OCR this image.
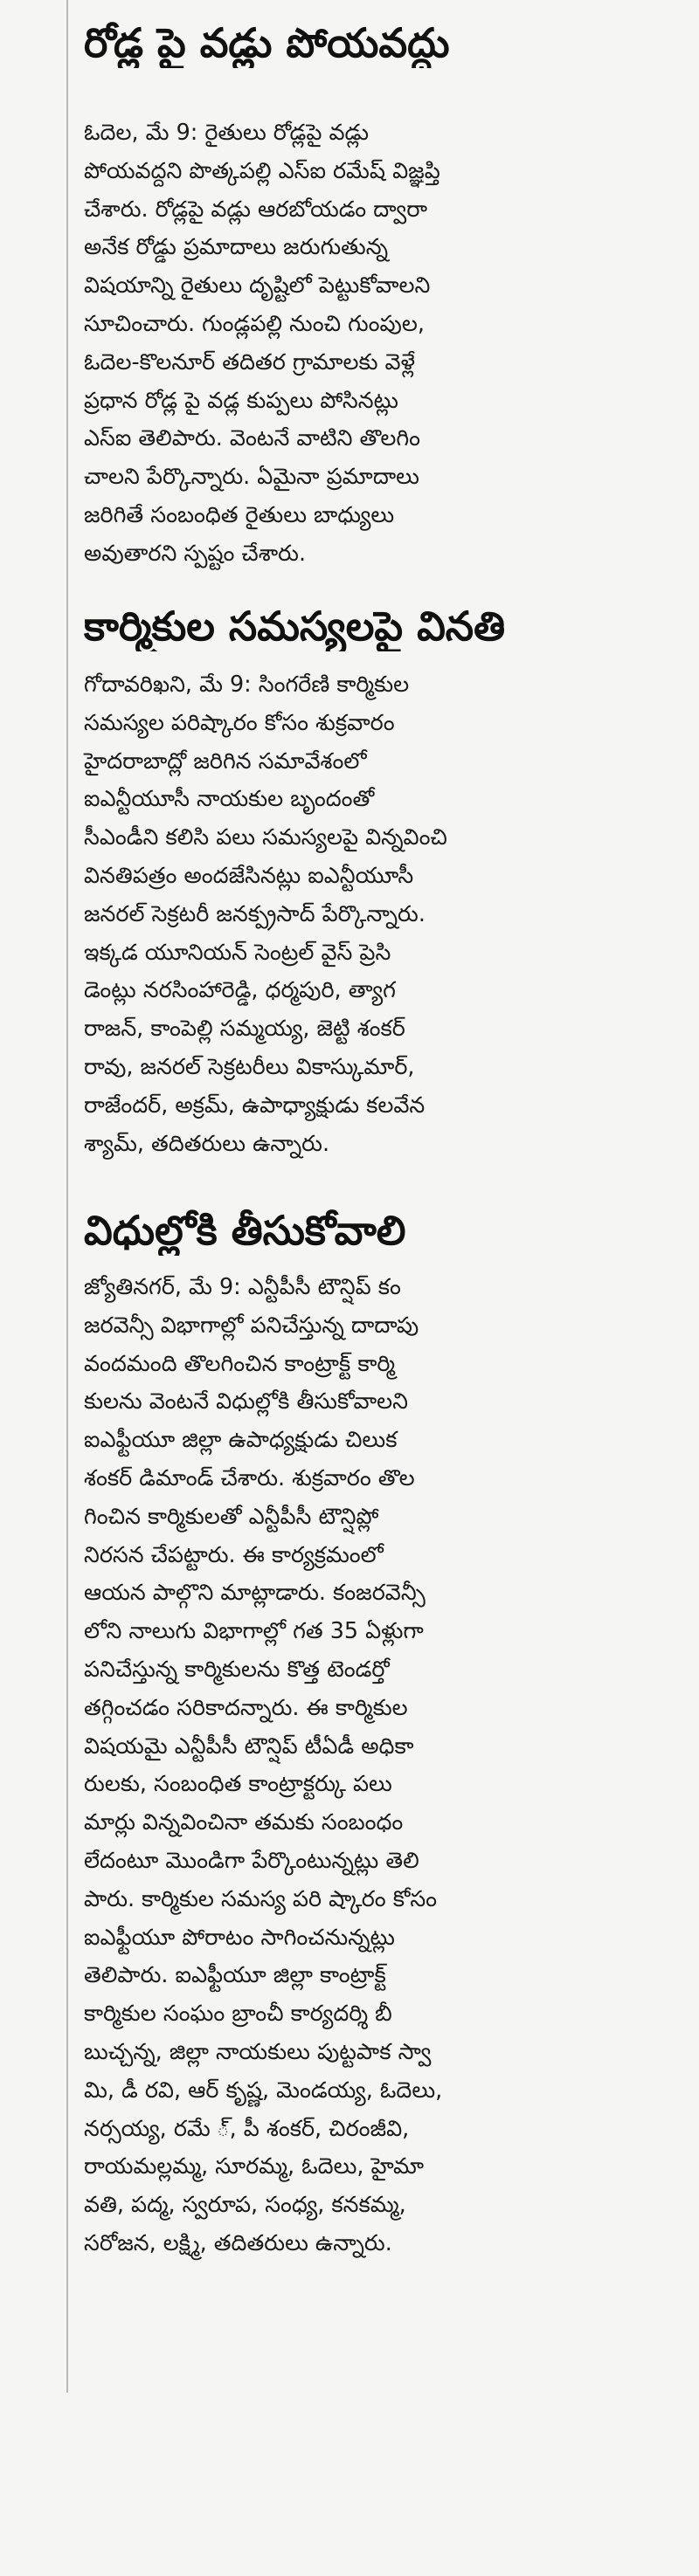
రోడ్ల పై వడ్లు పోయవద్దు
ఓదెల, మే 9: రైతులు రోడ్లపై వడ్లు
పోయవద్దని పొత్కపల్లి ఎస్ఐ రమేష్ విజ్ఞప్తి
చేశారు. రోడ్లపై వడ్లు ఆరబోయడం ద్వారా
అనేక రోడ్డు ప్రమాదాలు జరుగుతున్న
విషయాన్ని రైతులు దృష్టిలో పెట్టుకోవాలని
సూచించారు. గుండ్లపల్లి నుంచి గుంపుల,
ఓదెల-కొలనూర్ తదితర గ్రామాలకు వెళ్లే
ప్రధాన రోడ్ల పై వడ్ల కుప్పలు పోసినట్లు
ఎస్ఐ తెలిపారు. వెంటనే వాటిని తొలగిం
చాలని పేర్కొన్నారు. ఏమైనా ప్రమాదాలు
జరిగితే సంబంధిత రైతులు బాధ్యులు
అవుతారని స్పష్టం చేశారు.
కార్మికుల సమస్యలపై వినతి
గోదావరిఖని, మే 9: సింగరేణి కార్మికుల
సమస్యల పరిష్కారం కోసం శుక్రవారం
హైదరాబాద్లో జరిగిన సమావేశంలో
ఐఎన్టీయూసీ నాయకుల బృందంతో
సీఎండీని కలిసి పలు సమస్యలపై విన్నవించి
వినతిపత్రం అందజేసినట్లు ఐఎన్టీయూసీ
జనరల్ సెక్రటరీ జనక్ప్రసాద్ పేర్కొన్నారు.
ఇక్కడ యూనియన్ సెంట్రల్ వైస్ ప్రెసి
డెంట్లు నరసింహారెడ్డి, ధర్మపురి, త్యాగ
రాజన్, కాంపెల్లి సమ్మయ్య, జెట్టి శంకర్
రావు, జనరల్ సెక్రటరీలు వికాస్కుమార్,
రాజేందర్, అక్రమ్, ఉపాధ్యాక్షుడు కలవేన
శ్యామ్, తదితరులు ఉన్నారు.
విధుల్లోకి తీసుకోవాలి
జ్యోతినగర్, మే 9: ఎన్టీపీసీ టౌన్షిప్ కం
జరవెన్సీ విభాగాల్లో పనిచేస్తున్న దాదాపు
వందమంది తొలగించిన కాంట్రాక్ట్ కార్మి
కులను వెంటనే విధుల్లోకి తీసుకోవాలని
ఐఎఫ్టీయూ జిల్లా ఉపాధ్యక్షుడు చిలుక
శంకర్ డిమాండ్ చేశారు. శుక్రవారం తొల
గించిన కార్మికులతో ఎన్టీపీసీ టౌన్షిప్లో
నిరసన చేపట్టారు. ఈ కార్యక్రమంలో
ఆయన పాల్గొని మాట్లాడారు. కంజరవెన్సీ
లోని నాలుగు విభాగాల్లో గత 35 ఏళ్లుగా
పనిచేస్తున్న కార్మికులను కొత్త టెండర్తో
తగ్గించడం సరికాదన్నారు. ఈ కార్మికుల
విషయమై ఎన్టీపీసీ టౌన్షిప్ టీఏడీ అధికా
రులకు, సంబంధిత కాంట్రాక్టర్కు పలు
మార్లు విన్నవించినా తమకు సంబంధం
లేదంటూ మొండిగా పేర్కొంటున్నట్లు తెలి
పారు. కార్మికుల సమస్య పరి ష్కారం కోసం
ఐఎఫ్టీయూ పోరాటం సాగించనున్నట్లు
తెలిపారు. ఐఎఫ్టీయూ జిల్లా కాంట్రాక్ట్
కార్మికుల సంఘం బ్రాంచీ కార్యదర్శి బీ
బుచ్చన్న, జిల్లా నాయకులు పుట్టపాక స్వా
మి, డీ రవి, ఆర్ కృష్ణ, మెండయ్య, ఓదెలు,
నర్సయ్య, రమే ్, పీ శంకర్, చిరంజీవి,
రాయమల్లమ్మ, సూరమ్మ, ఓదెలు, హైమా
వతి, పద్మ, స్వరూప, సంధ్య, కనకమ్మ,
సరోజన, లక్ష్మి, తదితరులు ఉన్నారు.
